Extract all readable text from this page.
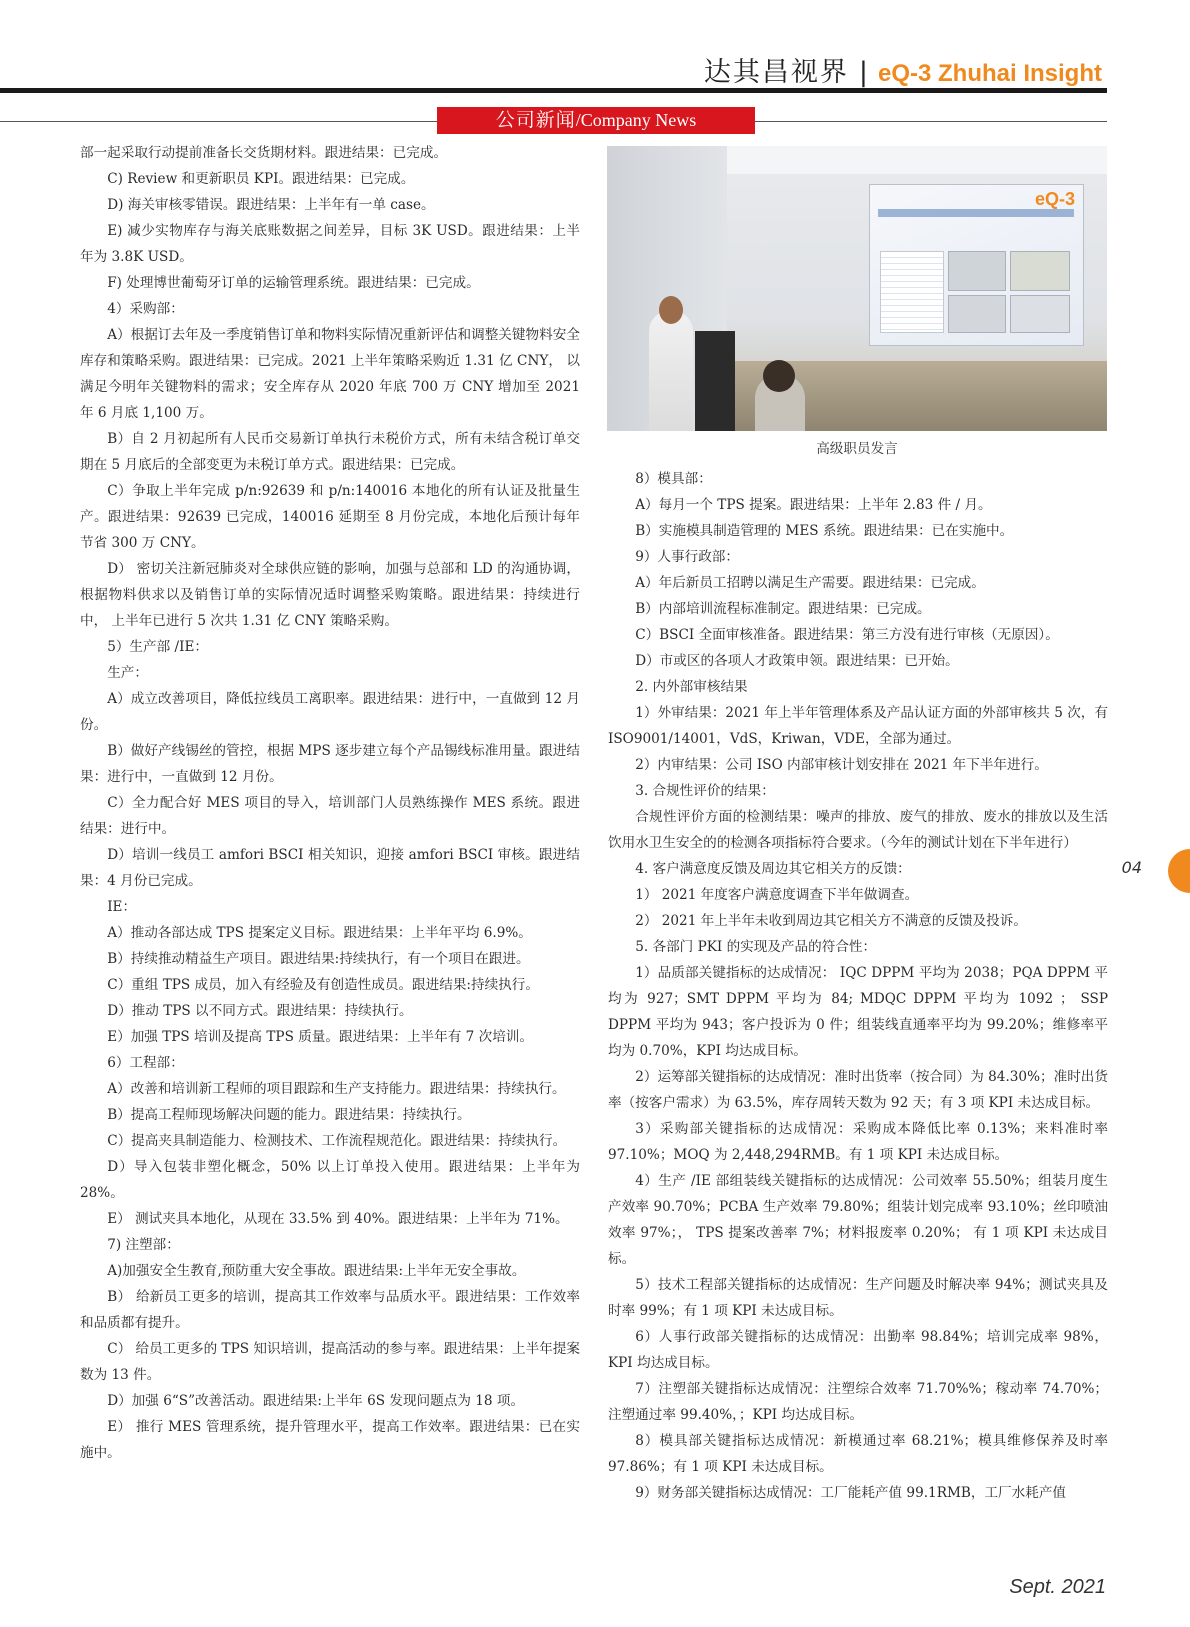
达其昌视界 | eQ-3 Zhuhai Insight
公司新闻/Company News

部一起采取行动提前准备长交货期材料。跟进结果：已完成。

C) Review 和更新职员 KPI。跟进结果：已完成。

D) 海关审核零错误。跟进结果：上半年有一单 case。

E) 减少实物库存与海关底账数据之间差异，目标 3K USD。跟进结果：上半年为 3.8K USD。

F) 处理博世葡萄牙订单的运输管理系统。跟进结果：已完成。

4）采购部：

A）根据订去年及一季度销售订单和物料实际情况重新评估和调整关键物料安全库存和策略采购。跟进结果：已完成。2021 上半年策略采购近 1.31 亿 CNY， 以满足今明年关键物料的需求；安全库存从 2020 年底 700 万 CNY 增加至 2021 年 6 月底 1,100 万。

B）自 2 月初起所有人民币交易新订单执行未税价方式，所有未结含税订单交期在 5 月底后的全部变更为未税订单方式。跟进结果：已完成。

C）争取上半年完成 p/n:92639 和 p/n:140016 本地化的所有认证及批量生产。跟进结果：92639 已完成，140016 延期至 8 月份完成，本地化后预计每年节省 300 万 CNY。

D） 密切关注新冠肺炎对全球供应链的影响，加强与总部和 LD 的沟通协调，根据物料供求以及销售订单的实际情况适时调整采购策略。跟进结果：持续进行中， 上半年已进行 5 次共 1.31 亿 CNY 策略采购。

5）生产部 /IE：

生产：

A）成立改善项目，降低拉线员工离职率。跟进结果：进行中，一直做到 12 月份。

B）做好产线锡丝的管控，根据 MPS 逐步建立每个产品锡线标准用量。跟进结果：进行中，一直做到 12 月份。

C）全力配合好 MES 项目的导入，培训部门人员熟练操作 MES 系统。跟进结果：进行中。

D）培训一线员工 amfori BSCI 相关知识，迎接 amfori BSCI 审核。跟进结果：4 月份已完成。

IE：

A）推动各部达成 TPS 提案定义目标。跟进结果：上半年平均 6.9%。

B）持续推动精益生产项目。跟进结果:持续执行，有一个项目在跟进。

C）重组 TPS 成员，加入有经验及有创造性成员。跟进结果:持续执行。

D）推动 TPS 以不同方式。跟进结果：持续执行。

E）加强 TPS 培训及提高 TPS 质量。跟进结果：上半年有 7 次培训。

6）工程部：

A）改善和培训新工程师的项目跟踪和生产支持能力。跟进结果：持续执行。

B）提高工程师现场解决问题的能力。跟进结果：持续执行。

C）提高夹具制造能力、检测技术、工作流程规范化。跟进结果：持续执行。

D）导入包装非塑化概念，50% 以上订单投入使用。跟进结果：上半年为 28%。

E） 测试夹具本地化，从现在 33.5% 到 40%。跟进结果：上半年为 71%。

7) 注塑部：

A)加强安全生教育,预防重大安全事故。跟进结果:上半年无安全事故。

B） 给新员工更多的培训，提高其工作效率与品质水平。跟进结果：工作效率和品质都有提升。

C） 给员工更多的 TPS 知识培训，提高活动的参与率。跟进结果：上半年提案数为 13 件。

D）加强 6“S”改善活动。跟进结果:上半年 6S 发现问题点为 18 项。

E） 推行 MES 管理系统，提升管理水平，提高工作效率。跟进结果：已在实施中。

eQ-3
高级职员发言

8）模具部：

A）每月一个 TPS 提案。跟进结果：上半年 2.83 件 / 月。

B）实施模具制造管理的 MES 系统。跟进结果：已在实施中。

9）人事行政部：

A）年后新员工招聘以满足生产需要。跟进结果：已完成。

B）内部培训流程标准制定。跟进结果：已完成。

C）BSCI 全面审核准备。跟进结果：第三方没有进行审核（无原因）。

D）市或区的各项人才政策申领。跟进结果：已开始。

2. 内外部审核结果

1）外审结果：2021 年上半年管理体系及产品认证方面的外部审核共 5 次，有 ISO9001/14001，VdS，Kriwan，VDE，全部为通过。

2）内审结果：公司 ISO 内部审核计划安排在 2021 年下半年进行。

3. 合规性评价的结果：

合规性评价方面的检测结果：噪声的排放、废气的排放、废水的排放以及生活饮用水卫生安全的的检测各项指标符合要求。（今年的测试计划在下半年进行）

4. 客户满意度反馈及周边其它相关方的反馈：

1） 2021 年度客户满意度调查下半年做调查。

2） 2021 年上半年未收到周边其它相关方不满意的反馈及投诉。

5. 各部门 PKI 的实现及产品的符合性：

1）品质部关键指标的达成情况： IQC DPPM 平均为 2038；PQA DPPM 平均为 927；SMT DPPM 平均为 84; MDQC DPPM 平均为 1092 ； SSP DPPM 平均为 943；客户投诉为 0 件；组装线直通率平均为 99.20%；维修率平均为 0.70%，KPI 均达成目标。

2）运筹部关键指标的达成情况：准时出货率（按合同）为 84.30%；准时出货率（按客户需求）为 63.5%，库存周转天数为 92 天；有 3 项 KPI 未达成目标。

3）采购部关键指标的达成情况：采购成本降低比率 0.13%；来料准时率 97.10%；MOQ 为 2,448,294RMB。有 1 项 KPI 未达成目标。

4）生产 /IE 部组装线关键指标的达成情况：公司效率 55.50%；组装月度生产效率 90.70%；PCBA 生产效率 79.80%；组装计划完成率 93.10%；丝印喷油效率 97%；， TPS 提案改善率 7%；材料报废率 0.20%； 有 1 项 KPI 未达成目标。

5）技术工程部关键指标的达成情况：生产问题及时解决率 94%；测试夹具及时率 99%；有 1 项 KPI 未达成目标。

6）人事行政部关键指标的达成情况：出勤率 98.84%；培训完成率 98%，KPI 均达成目标。

7）注塑部关键指标达成情况：注塑综合效率 71.70%%；稼动率 74.70%；注塑通过率 99.40%，；KPI 均达成目标。

8）模具部关键指标达成情况：新模通过率 68.21%；模具维修保养及时率 97.86%；有 1 项 KPI 未达成目标。

9）财务部关键指标达成情况：工厂能耗产值 99.1RMB，工厂水耗产值

04
Sept. 2021
